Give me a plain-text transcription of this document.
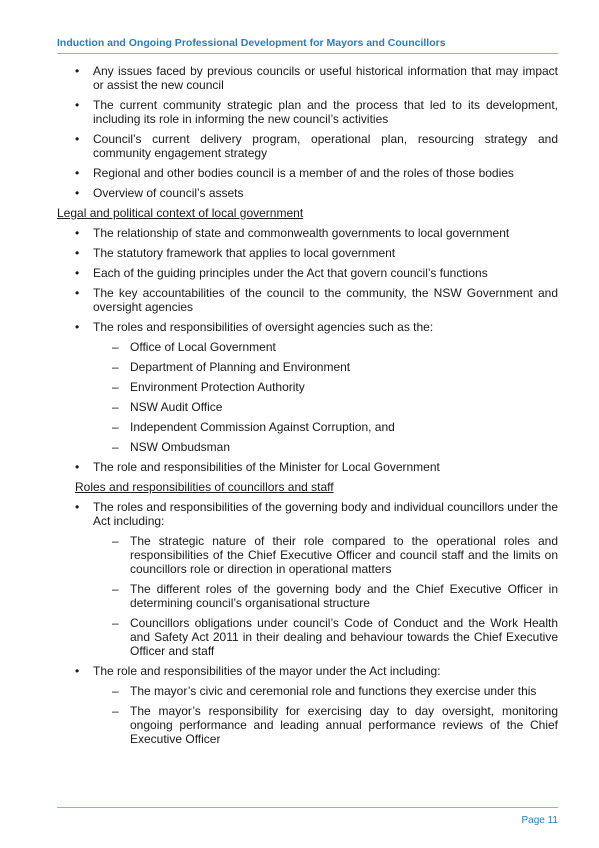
Induction and Ongoing Professional Development for Mayors and Councillors
• Any issues faced by previous councils or useful historical information that may impact or assist the new council
• The current community strategic plan and the process that led to its development, including its role in informing the new council’s activities
• Council’s current delivery program, operational plan, resourcing strategy and community engagement strategy
• Regional and other bodies council is a member of and the roles of those bodies
• Overview of council’s assets
Legal and political context of local government
• The relationship of state and commonwealth governments to local government
• The statutory framework that applies to local government
• Each of the guiding principles under the Act that govern council’s functions
• The key accountabilities of the council to the community, the NSW Government and oversight agencies
• The roles and responsibilities of oversight agencies such as the:
– Office of Local Government
– Department of Planning and Environment
– Environment Protection Authority
– NSW Audit Office
– Independent Commission Against Corruption, and
– NSW Ombudsman
• The role and responsibilities of the Minister for Local Government
Roles and responsibilities of councillors and staff
• The roles and responsibilities of the governing body and individual councillors under the Act including:
– The strategic nature of their role compared to the operational roles and responsibilities of the Chief Executive Officer and council staff and the limits on councillors role or direction in operational matters
– The different roles of the governing body and the Chief Executive Officer in determining council’s organisational structure
– Councillors obligations under council’s Code of Conduct and the Work Health and Safety Act 2011 in their dealing and behaviour towards the Chief Executive Officer and staff
• The role and responsibilities of the mayor under the Act including:
– The mayor’s civic and ceremonial role and functions they exercise under this
– The mayor’s responsibility for exercising day to day oversight, monitoring ongoing performance and leading annual performance reviews of the Chief Executive Officer
Page 11
